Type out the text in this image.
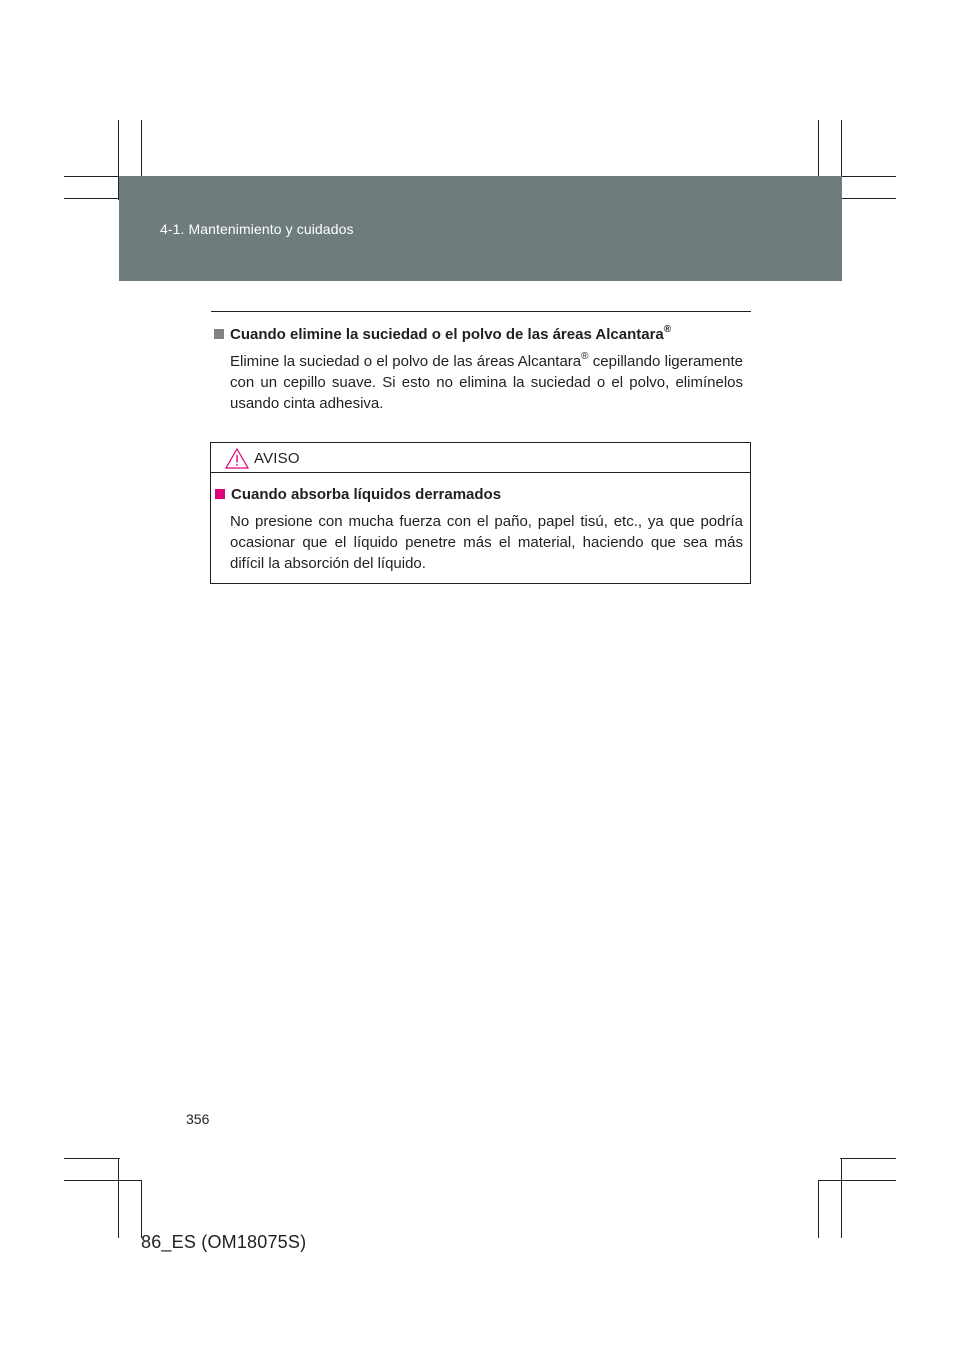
4-1. Mantenimiento y cuidados
Cuando elimine la suciedad o el polvo de las áreas Alcantara®
Elimine la suciedad o el polvo de las áreas Alcantara® cepillando ligeramente con un cepillo suave. Si esto no elimina la suciedad o el polvo, elimínelos usando cinta adhesiva.
AVISO
Cuando absorba líquidos derramados
No presione con mucha fuerza con el paño, papel tisú, etc., ya que podría ocasionar que el líquido penetre más el material, haciendo que sea más difícil la absorción del líquido.
356
86_ES (OM18075S)
